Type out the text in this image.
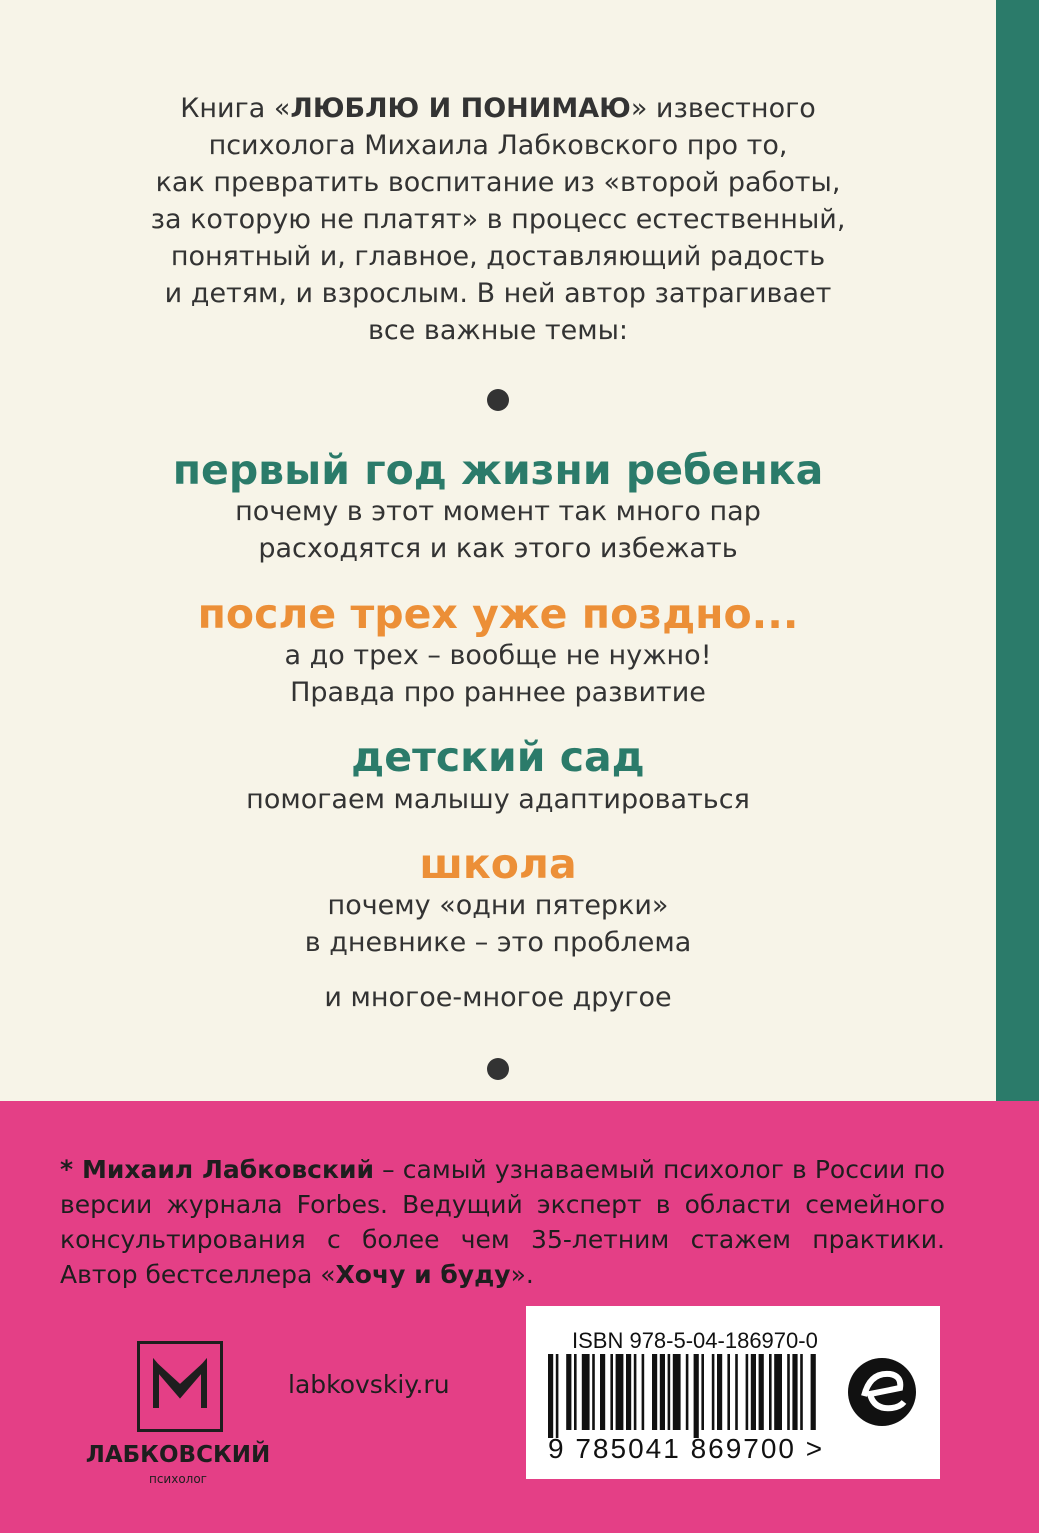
Книга «ЛЮБЛЮ И ПОНИМАЮ» известного
психолога Михаила Лабковского про то,
как превратить воспитание из «второй работы,
за которую не платят» в процесс естественный,
понятный и, главное, доставляющий радость
и детям, и взрослым. В ней автор затрагивает
все важные темы:
первый год жизни ребенка
почему в этот момент так много пар
расходятся и как этого избежать
после трех уже поздно...
а до трех – вообще не нужно!
Правда про раннее развитие
детский сад
помогаем малышу адаптироваться
школа
почему «одни пятерки»
в дневнике – это проблема
и многое-многое другое
* Михаил Лабковский – самый узнаваемый психолог в России по версии журнала Forbes. Ведущий эксперт в области семейного консультирования с более чем 35-летним стажем практики. Автор бестселлера «Хочу и буду».
ЛАБКОВСКИЙ
психолог
labkovskiy.ru
ISBN 978-5-04-186970-0
9 785041 869700 >
